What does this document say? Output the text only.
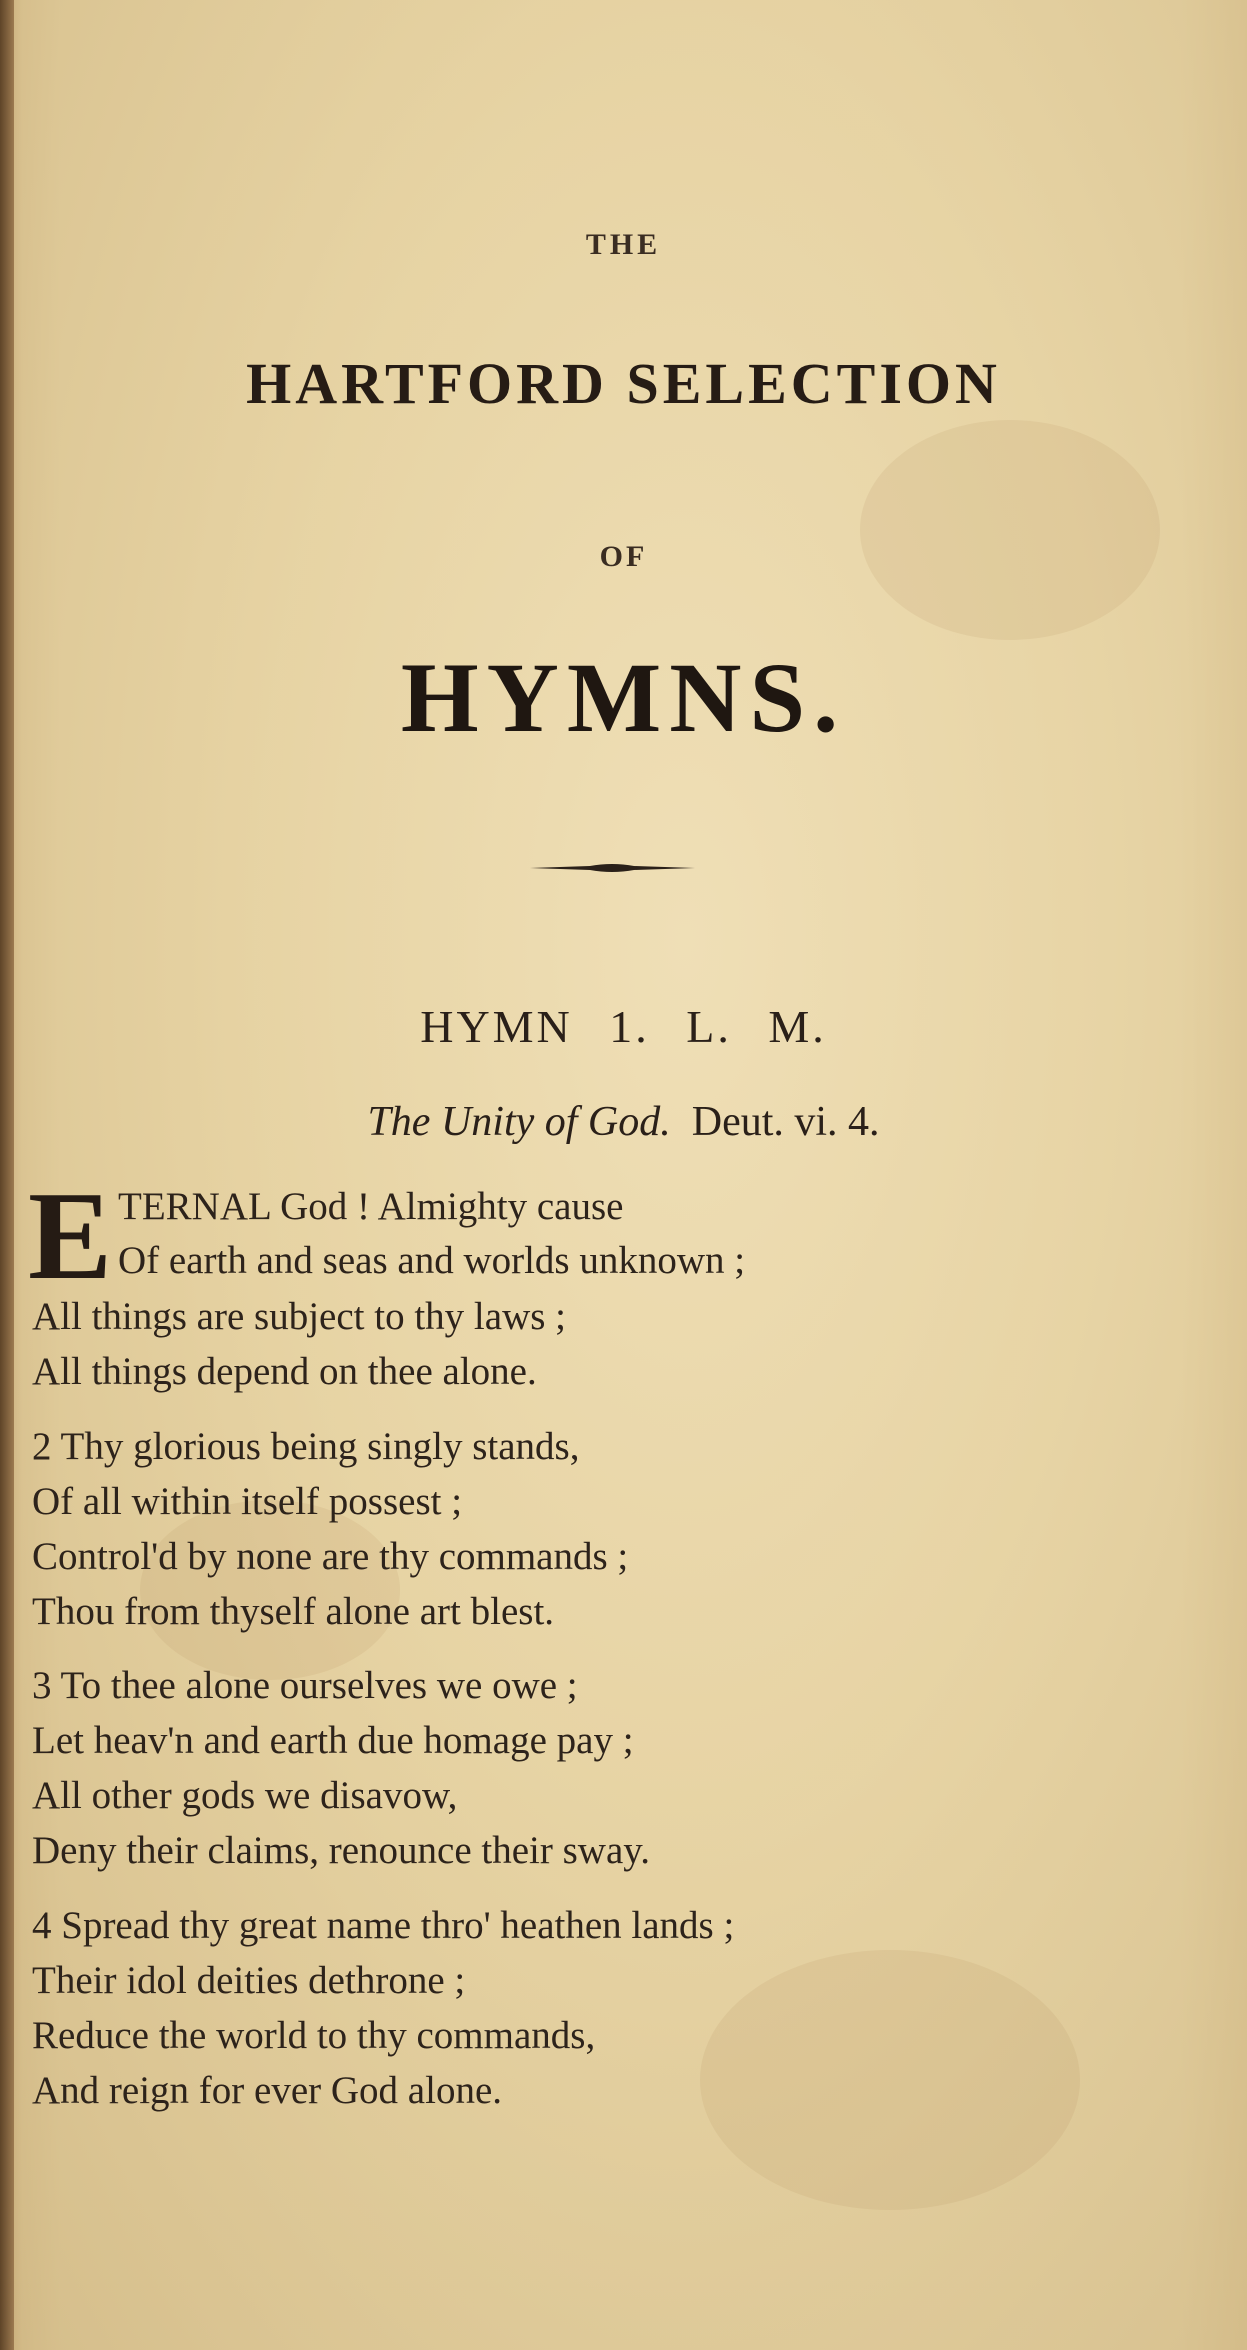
THE

HARTFORD SELECTION

OF

HYMNS.

HYMN 1. L. M.

The Unity of God. Deut. vi. 4.

E TERNAL God ! Almighty cause
Of earth and seas and worlds unknown ;
All things are subject to thy laws ;
All things depend on thee alone.
2 Thy glorious being singly stands,
Of all within itself possest ;
Control'd by none are thy commands ;
Thou from thyself alone art blest.
3 To thee alone ourselves we owe ;
Let heav'n and earth due homage pay ;
All other gods we disavow,
Deny their claims, renounce their sway.
4 Spread thy great name thro' heathen lands ;
Their idol deities dethrone ;
Reduce the world to thy commands,
And reign for ever God alone.
